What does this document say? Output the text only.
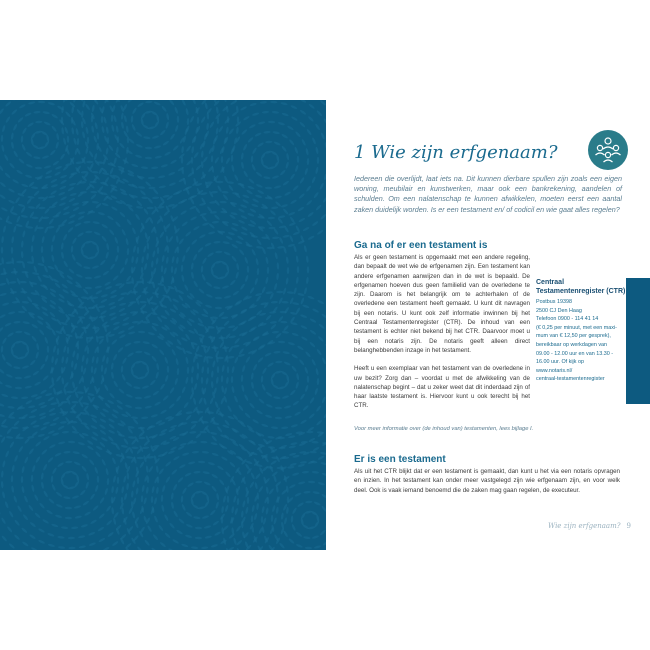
1 Wie zijn erfgenaam?
Iedereen die overlijdt, laat iets na. Dit kunnen dierbare spullen zijn zoals een eigen woning, meubilair en kunstwerken, maar ook een bankrekening, aandelen of schulden. Om een nalatenschap te kunnen afwikkelen, moeten eerst een aantal zaken duidelijk worden. Is er een testament en/ of codicil en wie gaat alles regelen?
Ga na of er een testament is

Als er geen testament is opgemaakt met een andere regeling, dan bepaalt de wet wie de erfgenamen zijn. Een testament kan andere erfgenamen aanwijzen dan in de wet is bepaald. De erfgenamen hoeven dus geen familielid van de overledene te zijn. Daarom is het belangrijk om te achterhalen of de overledene een testament heeft gemaakt. U kunt dit navragen bij een notaris. U kunt ook zelf informatie inwinnen bij het Centraal Testamentenregister (CTR). De inhoud van een testament is echter niet bekend bij het CTR. Daarvoor moet u bij een notaris zijn. De notaris geeft alleen direct belanghebbenden inzage in het testament.

Heeft u een exemplaar van het testament van de overledene in uw bezit? Zorg dan – voordat u met de afwikkeling van de nalatenschap begint – dat u zeker weet dat dit inderdaad zijn of haar laatste testament is. Hiervoor kunt u ook terecht bij het CTR.

Centraal
Testamentenregister (CTR)
Postbus 19398
2500 CJ Den Haag
Telefoon 0900 - 114 41 14
(€ 0,25 per minuut, met een maxi-
mum van € 12,50 per gesprek),
bereikbaar op werkdagen van
09.00 - 12.00 uur en van 13.30 -
16.00 uur. Of kijk op
www.notaris.nl/
centraal-testamentenregister
Voor meer informatie over (de inhoud van) testamenten, lees bijlage I.
Er is een testament

Als uit het CTR blijkt dat er een testament is gemaakt, dan kunt u het via een notaris opvragen en inzien. In het testament kan onder meer vastgelegd zijn wie erfgenaam zijn, en voor welk deel. Ook is vaak iemand benoemd die de zaken mag gaan regelen, de executeur.

Wie zijn erfgenaam? 9
